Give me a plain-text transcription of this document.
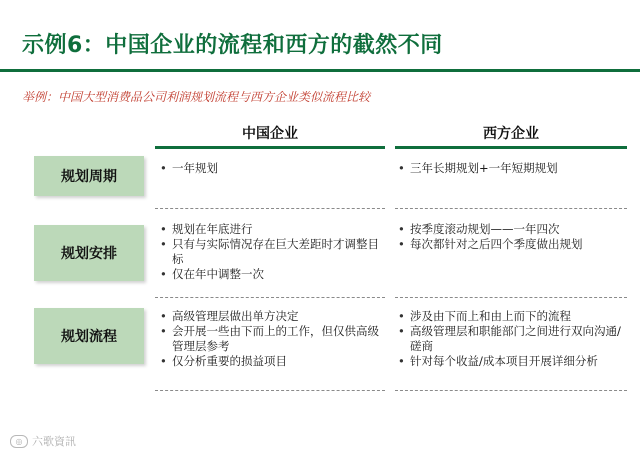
示例6：中国企业的流程和西方的截然不同
举例：中国大型消费品公司利润规划流程与西方企业类似流程比较
中国企业	西方企业
规划周期
• 一年规划
•	三年长期规划+一年短期规划
规划安排
• 规划在年底进行
• 只有与实际情况存在巨大差距时才调整目标
• 仅在年中调整一次
• 按季度滚动规划——一年四次
• 每次都针对之后四个季度做出规划
规划流程
• 高级管理层做出单方决定
• 会开展一些由下而上的工作，但仅供高级管理层参考
• 仅分析重要的损益项目
• 涉及由下而上和由上而下的流程
• 高级管理层和职能部门之间进行双向沟通/磋商
• 针对每个收益/成本项目开展详细分析
◎ 六歌資訊
